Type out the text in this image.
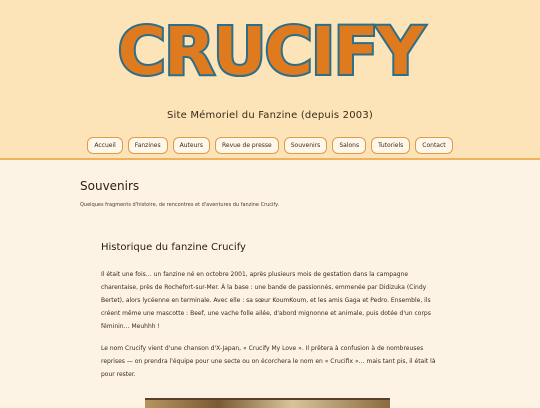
CRUCIFY
Site Mémoriel du Fanzine (depuis 2003)
Accueil	Fanzines	Auteurs	Revue de presse	Souvenirs	Salons	Tutoriels	Contact
Souvenirs
Quelques fragments d'histoire, de rencontres et d'aventures du fanzine Crucify.
Historique du fanzine Crucify
Il était une fois… un fanzine né en octobre 2001, après plusieurs mois de gestation dans la campagne charentaise, près de Rochefort-sur-Mer. À la base : une bande de passionnés, emmenée par Didizuka (Cindy Bertet), alors lycéenne en terminale. Avec elle : sa sœur KoumKoum, et les amis Gaga et Pedro. Ensemble, ils créent même une mascotte : Beef, une vache folle ailée, d'abord mignonne et animale, puis dotée d'un corps féminin… Meuhhh !
Le nom Crucify vient d'une chanson d'X-Japan, « Crucify My Love ». Il prêtera à confusion à de nombreuses reprises — on prendra l'équipe pour une secte ou on écorchera le nom en « Crucifix »… mais tant pis, il était là pour rester.
